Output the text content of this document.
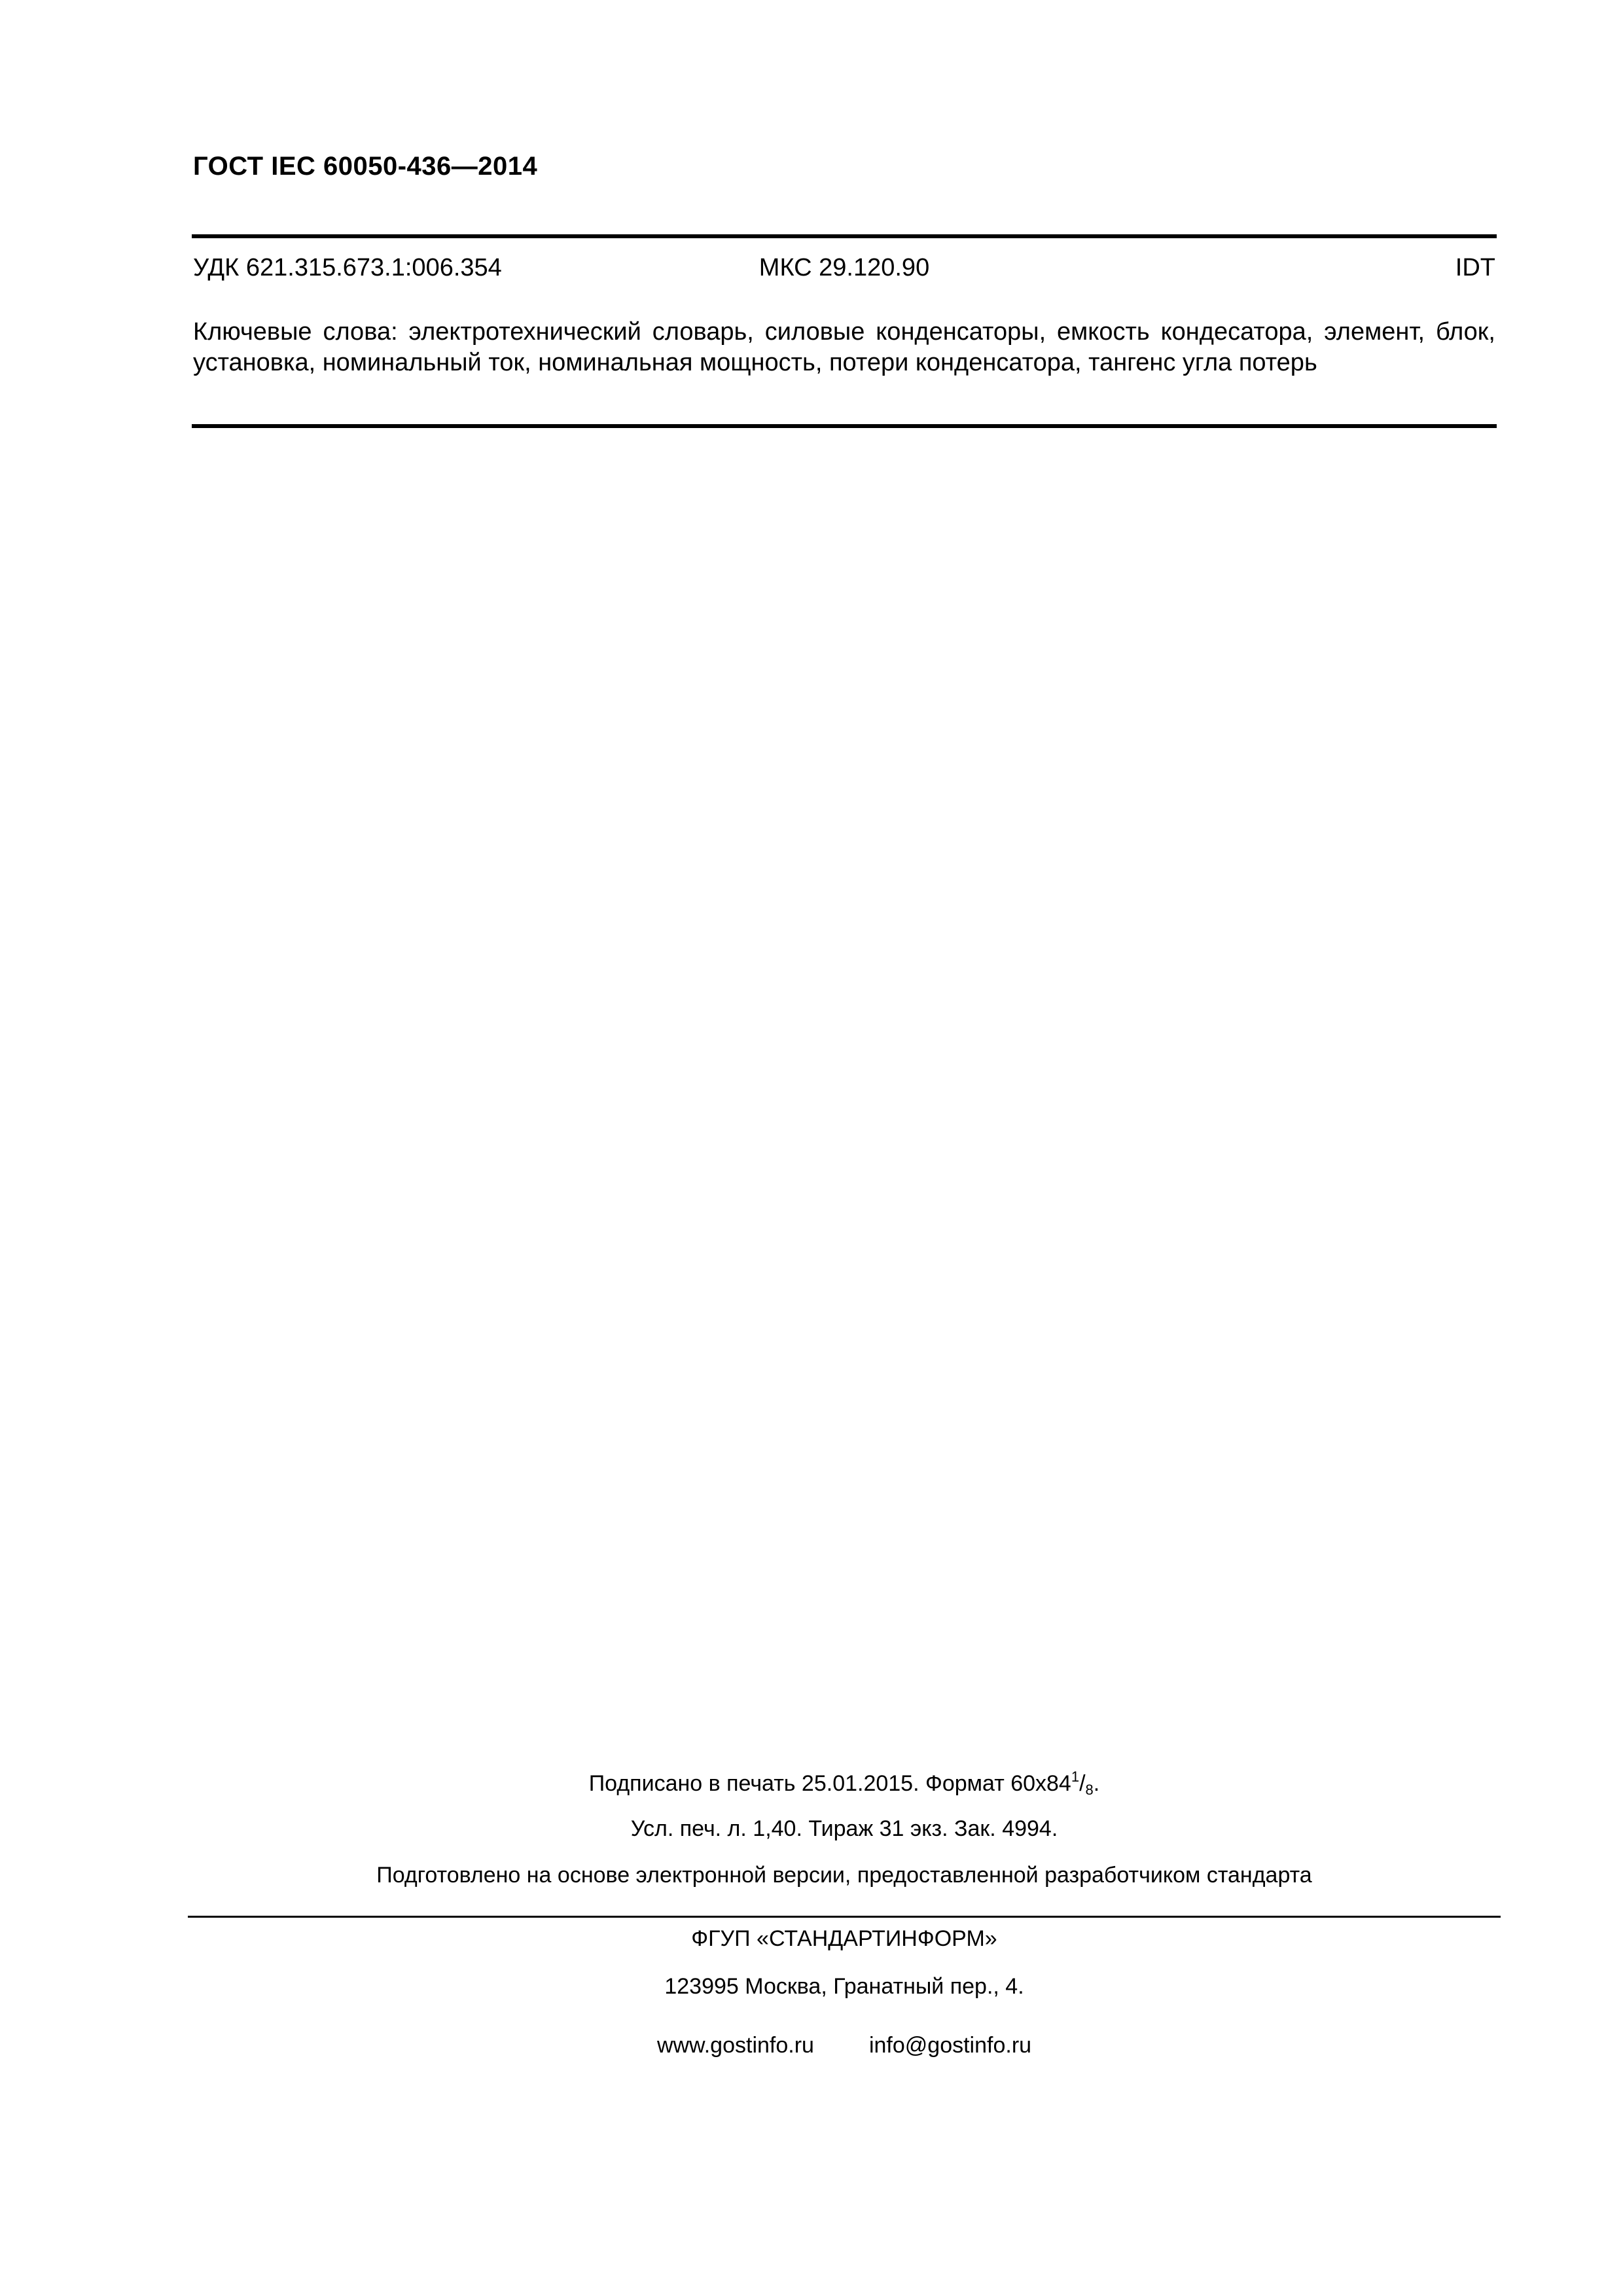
ГОСТ IEC 60050-436—2014
УДК 621.315.673.1:006.354	МКС 29.120.90	IDT
Ключевые слова: электротехнический словарь, силовые конденсаторы, емкость кондесатора, элемент, блок, установка, номинальный ток, номинальная мощность, потери конденсатора, тангенс угла потерь
Подписано в печать 25.01.2015. Формат $60х84^1/8$.
Усл. печ. л. 1,40. Тираж 31 экз. Зак. 4994.
Подготовлено на основе электронной версии, предоставленной разработчиком стандарта
ФГУП «СТАНДАРТИНФОРМ»
123995 Москва, Гранатный пер., 4.
www.gostinfo.ru info@gostinfo.ru
